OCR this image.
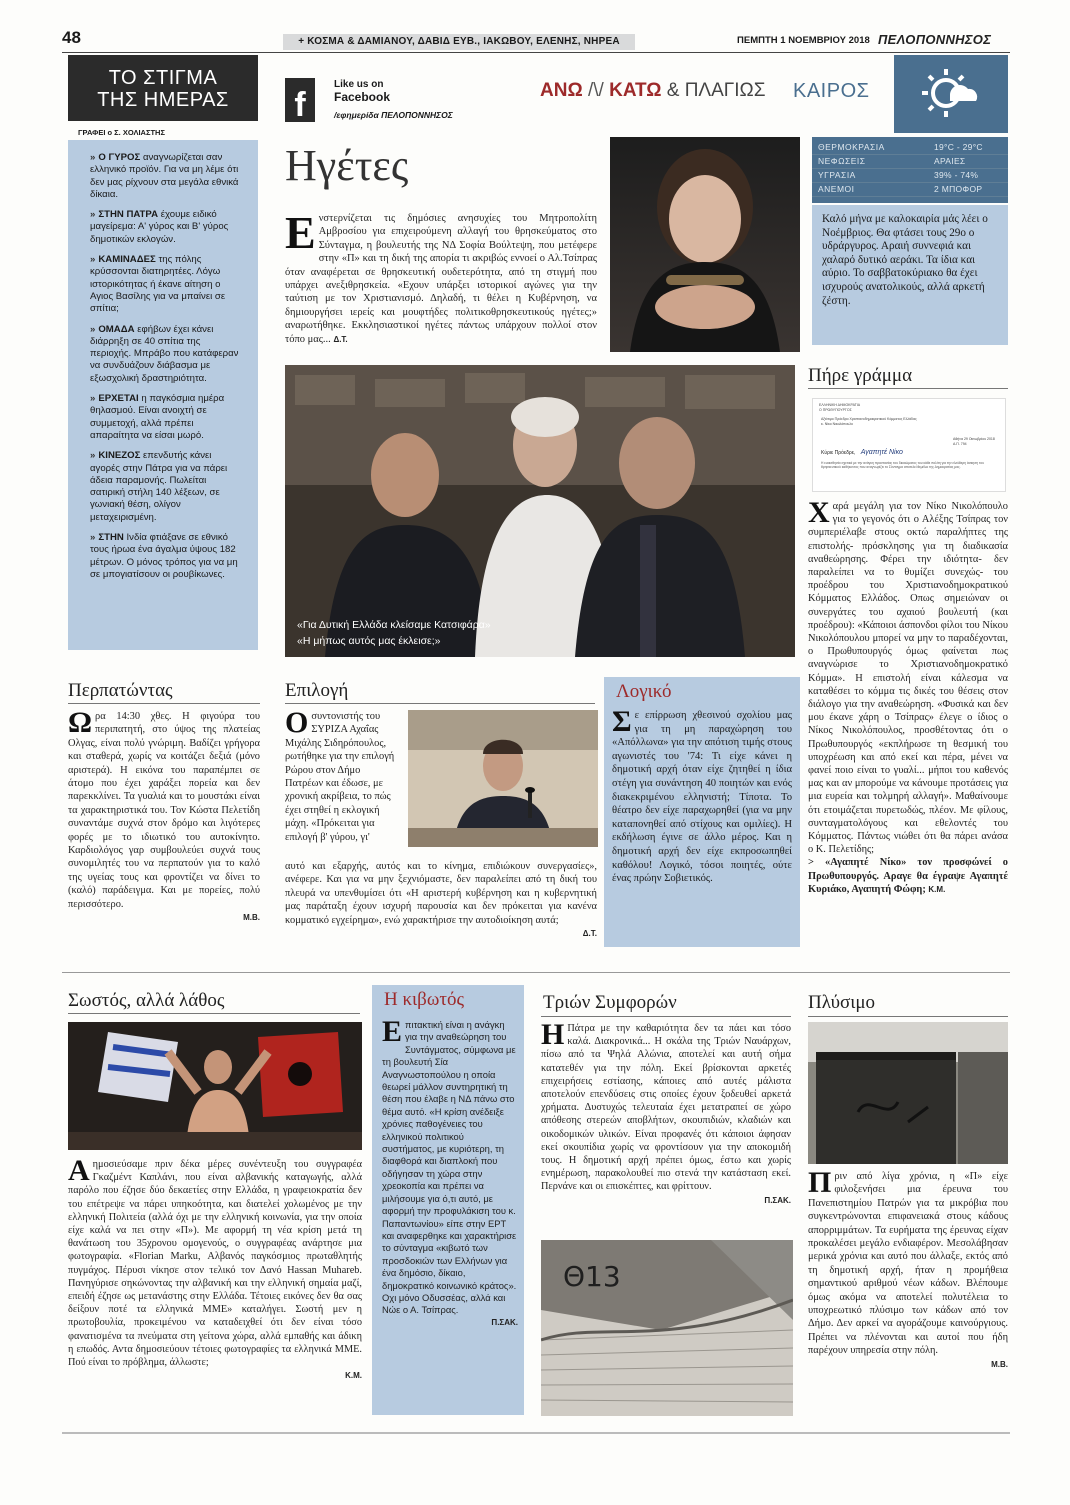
48	+ ΚΟΣΜΑ & ΔΑΜΙΑΝΟΥ, ΔΑΒΙΔ ΕΥΒ., ΙΑΚΩΒΟΥ, ΕΛΕΝΗΣ, ΝΗΡΕΑ	ΠΕΜΠΤΗ 1 ΝΟΕΜΒΡΙΟΥ 2018 ΠΕΛΟΠΟΝΝΗΣΟΣ
ΤΟ ΣΤΙΓΜΑ
ΤΗΣ ΗΜΕΡΑΣ
ΓΡΑΦΕΙ ο Σ. ΧΟΛΙΑΣΤΗΣ
» Ο ΓΥΡΟΣ αναγνωρίζεται σαν ελληνικό προϊόν. Για να μη λέμε ότι δεν μας ρίχνουν στα μεγάλα εθνικά δίκαια.
» ΣΤΗΝ ΠΑΤΡΑ έχουμε ειδικό μαγείρεμα: Α' γύρος και Β' γύρος δημοτικών εκλογών.
» ΚΑΜΙΝΑΔΕΣ της πόλης κρύσσονται διατηρητέες. Λόγω ιστορικότητας ή έκανε αίτηση ο Αγιος Βασίλης για να μπαίνει σε σπίτια;
» ΟΜΑΔΑ εφήβων έχει κάνει διάρρηξη σε 40 σπίτια της περιοχής. Μπράβο που κατάφεραν να συνδυάζουν διάβασμα με εξωσχολική δραστηριότητα.
» ΕΡΧΕΤΑΙ η παγκόσμια ημέρα θηλασμού. Είναι ανοιχτή σε συμμετοχή, αλλά πρέπει απαραίτητα να είσαι μωρό.
» ΚΙΝΕΖΟΣ επενδυτής κάνει αγορές στην Πάτρα για να πάρει άδεια παραμονής. Πωλείται σατιρική στήλη 140 λέξεων, σε γωνιακή θέση, ολίγον μεταχειρισμένη.
» ΣΤΗΝ Ινδία φτιάξανε σε εθνικό τους ήρωα ένα άγαλμα ύψους 182 μέτρων. Ο μόνος τρόπος για να μη σε μπογιατίσουν οι ρουβίκωνες.
f
Like us on
Facebook
/εφημερίδα ΠΕΛΟΠΟΝΝΗΣΟΣ
ΑΝΩ /\/ ΚΑΤΩ & ΠΛΑΓΙΩΣ ΚΑΙΡΟΣ
ΘΕΡΜΟΚΡΑΣΙΑ	19°C - 29°C
ΝΕΦΩΣΕΙΣ	ΑΡΑΙΕΣ
ΥΓΡΑΣΙΑ	39% - 74%
ΑΝΕΜΟΙ	2 ΜΠΟΦΟΡ
Καλό μήνα με καλοκαιρία μάς λέει ο Νοέμβριος. Θα φτάσει τους 29ο ο υδράργυρος. Αραιή συννεφιά και χαλαρό δυτικό αεράκι. Τα ίδια και αύριο. Το σαββατοκύριακο θα έχει ισχυρούς ανατολικούς, αλλά αρκετή ζέστη.
Ηγέτες
Ε νστερνίζεται τις δημόσιες ανησυχίες του Μητροπολίτη Αμβροσίου για επιχειρούμενη αλλαγή του θρησκεύματος στο Σύνταγμα, η βουλευτής της ΝΔ Σοφία Βούλτεψη, που μετέφερε στην «Π» και τη δική της απορία τι ακριβώς εννοεί ο Αλ.Τσίπρας όταν αναφέρεται σε θρησκευτική ουδετερότητα, από τη στιγμή που υπάρχει ανεξιθρησκεία. «Εχουν υπάρξει ιστορικοί αγώνες για την ταύτιση με τον Χριστιανισμό. Δηλαδή, τι θέλει η Κυβέρνηση, να δημιουργήσει ιερείς και μουφτήδες πολιτικοθρησκευτικούς ηγέτες;» αναρωτήθηκε. Εκκλησιαστικοί ηγέτες πάντως υπάρχουν πολλοί στον τόπο μας... Δ.Τ.
«Για Δυτική Ελλάδα κλείσαμε Κατσιφάρα»
«Η μήπως αυτός μας έκλεισε;»
Πήρε γράμμα
ΕΛΛΗΝΙΚΗ ΔΗΜΟΚΡΑΤΙΑ
Ο ΠΡΩΘΥΠΟΥΡΓΟΣ
Αξιότιμο Πρόεδρο Χριστιανοδημοκρατικού Κόμματος Ελλάδας
κ. Νίκο Νικολόπουλο
Αθήνα 29 Οκτωβρίου 2018
Α.Π. 794
Κύριε Πρόεδρε, Αγαπητέ Νίκο
Η ευαισθησία σχετικά με την ανάγκη προστασίας του δικαιώματος του κάθε πολίτη για την ελεύθερη άσκηση του θρησκευτικού καθήκοντος που αναγνωρίζει το Σύνταγμα αποτελεί θεμέλιο της Δημοκρατίας μας.
Χ αρά μεγάλη για τον Νίκο Νικολόπουλο για το γεγονός ότι ο Αλέξης Τσίπρας τον συμπεριέλαβε στους οκτώ παραλήπτες της επιστολής- πρόσκλησης για τη διαδικασία αναθεώρησης. Φέρει την ιδιότητα- δεν παραλείπει να το θυμίζει συνεχώς- του προέδρου του Χριστιανοδημοκρατικού Κόμματος Ελλάδος. Οπως σημειώναν οι συνεργάτες του αχαιού βουλευτή (και προέδρου): «Κάποιοι άσπονδοι φίλοι του Νίκου Νικολόπουλου μπορεί να μην το παραδέχονται, ο Πρωθυπουργός όμως φαίνεται πως αναγνώρισε το Χριστιανοδημοκρατικό Κόμμα». Η επιστολή είναι κάλεσμα να καταθέσει το κόμμα τις δικές του θέσεις στον διάλογο για την αναθεώρηση. «Φυσικά και δεν μου έκανε χάρη ο Τσίπρας» έλεγε ο ίδιος ο Νίκος Νικολόπουλος, προσθέτοντας ότι ο Πρωθυπουργός «εκπλήρωσε τη θεσμική του υποχρέωση και από εκεί και πέρα, μένει να φανεί ποιο είναι το γυαλί... μήποι του καθενός μας και αν μπορούμε να κάνουμε προτάσεις για μια ευρεία και τολμηρή αλλαγή». Μαθαίνουμε ότι ετοιμάζεται πυρετωδώς, πλέον. Με φίλους, συνταγματολόγους και εθελοντές του Κόμματος. Πάντως νιώθει ότι θα πάρει ανάσα ο Κ. Πελετίδης;
> «Αγαπητέ Νίκο» τον προσφώνεί ο Πρωθυπουργός. Αραγε θα έγραψε Αγαπητέ Κυριάκο, Αγαπητή Φώφη; Κ.Μ.
Περπατώντας
Ω ρα 14:30 χθες. Η φιγούρα του περιπατητή, στο ύψος της πλατείας Ολγας, είναι πολύ γνώριμη. Βαδίζει γρήγορα και σταθερά, χωρίς να κοιτάζει δεξιά (μόνο αριστερά). Η εικόνα του παραπέμπει σε άτομο που έχει χαράξει πορεία και δεν παρεκκλίνει. Τα γυαλιά και το μουστάκι είναι τα χαρακτηριστικά του. Τον Κώστα Πελετίδη συναντάμε συχνά στον δρόμο και λιγότερες φορές με το ιδιωτικό του αυτοκίνητο. Καρδιολόγος γαρ συμβουλεύει συχνά τους συνομιλητές του να περπατούν για το καλό της υγείας τους και φροντίζει να δίνει το (καλό) παράδειγμα. Και με πορείες, πολύ περισσότερο.
Μ.Β.
Επιλογή
Ο συντονιστής του ΣΥΡΙΖΑ Αχαΐας Μιχάλης Σιδηρόπουλος, ρωτήθηκε για την επιλογή Ρώρου στον Δήμο Πατρέων και έδωσε, με χρονική ακρίβεια, το πώς έχει στηθεί η εκλογική μάχη. «Πρόκειται για επιλογή β' γύρου, γι'
αυτό και εξαρχής, αυτός και το κίνημα, επιδιώκουν συνεργασίες», ανέφερε. Και για να μην ξεχνιόμαστε, δεν παραλείπει από τη δική του πλευρά να υπενθυμίσει ότι «Η αριστερή κυβέρνηση και η κυβερνητική μας παράταξη έχουν ισχυρή παρουσία και δεν πρόκειται για κανένα κομματικό εγχείρημα», ενώ χαρακτήρισε την αυτοδιοίκηση αυτά;
Δ.Τ.
Λογικό
Σ ε επίρρωση χθεσινού σχολίου μας για τη μη παραχώρηση του «Απόλλωνα» για την απότιση τιμής στους αγωνιστές του '74: Τι είχε κάνει η δημοτική αρχή όταν είχε ζητηθεί η ίδια στέγη για συνάντηση 40 ποιητών και ενός διακεκριμένου ελληνιστή; Τίποτα. Το θέατρο δεν είχε παραχωρηθεί (για να μην καταπονηθεί από στίχους και ομιλίες). Η εκδήλωση έγινε σε άλλο μέρος. Και η δημοτική αρχή δεν είχε εκπροσωπηθεί καθόλου! Λογικό, τόσοι ποιητές, ούτε ένας πρώην Σοβιετικός.
Σωστός, αλλά λάθος
Α ημοσιεύσαμε πριν δέκα μέρες συνέντευξη του συγγραφέα Γκαζμέντ Καπλάνι, που είναι αλβανικής καταγωγής, αλλά παρόλο που έζησε δύο δεκαετίες στην Ελλάδα, η γραφειοκρατία δεν του επέτρεψε να πάρει υπηκοότητα, και διατελεί χολωμένος με την ελληνική Πολιτεία (αλλά όχι με την ελληνική κοινωνία, για την οποία είχε καλά να πει στην «Π»). Με αφορμή τη νέα κρίση μετά τη θανάτωση του 35χρονου ομογενούς, ο συγγραφέας ανάρτησε μια φωτογραφία. «Florian Marku, Αλβανός παγκόσμιος πρωταθλητής πυγμάχος. Πέρυσι νίκησε στον τελικό τον Δανό Hassan Muhareb. Πανηγύρισε σηκώνοντας την αλβανική και την ελληνική σημαία μαζί, επειδή έζησε ως μετανάστης στην Ελλάδα. Τέτοιες εικόνες δεν θα σας δείξουν ποτέ τα ελληνικά ΜΜΕ» καταλήγει. Σωστή μεν η πρωτοβουλία, προκειμένου να καταδειχθεί ότι δεν είναι τόσο φανατισμένα τα πνεύματα στη γείτονα χώρα, αλλά εμπαθής και άδικη η επωδός. Αντα δημοσιεύουν τέτοιες φωτογραφίες τα ελληνικά ΜΜΕ. Πού είναι το πρόβλημα, άλλωστε;
Κ.Μ.
Η κιβωτός
Ε πιτακτική είναι η ανάγκη για την αναθεώρηση του Συντάγματος, σύμφωνα με τη βουλευτή Σία Αναγνωστοπούλου η οποία θεωρεί μάλλον συντηρητική τη θέση που έλαβε η ΝΔ πάνω στο θέμα αυτό. «Η κρίση ανέδειξε χρόνιες παθογένειες του ελληνικού πολιτικού συστήματος, με κυριότερη, τη διαφθορά και διαπλοκή που οδήγησαν τη χώρα στην χρεοκοπία και πρέπει να μιλήσουμε για ό,τι αυτό, με αφορμή την προφυλάκιση του κ. Παπαντωνίου» είπε στην ΕΡΤ και αναφερθηκε και χαρακτήρισε το σύνταγμα «κιβωτό των προσδοκιών των Ελλήνων για ένα δημόσιο, δίκαιο, δημοκρατικό κοινωνικό κράτος». Οχι μόνο Οδυσσέας, αλλά και Νώε ο Α. Τσίπρας.
Π.ΣΑΚ.
Τριών Συμφορών
Η Πάτρα με την καθαριότητα δεν τα πάει και τόσο καλά. Διακρονικά... Η σκάλα της Τριών Ναυάρχων, πίσω από τα Ψηλά Αλώνια, αποτελεί και αυτή σήμα κατατεθέν για την πόλη. Εκεί βρίσκονται αρκετές επιχειρήσεις εστίασης, κάποιες από αυτές μάλιστα αποτελούν επενδύσεις στις οποίες έχουν ξοδευθεί αρκετά χρήματα. Δυστυχώς τελευταία έχει μετατραπεί σε χώρο απόθεσης στερεών αποβλήτων, σκουπιδιών, κλαδιών και οικοδομικών υλικών. Είναι προφανές ότι κάποιοι άφησαν εκεί σκουπίδια χωρίς να φροντίσουν για την αποκομιδή τους. Η δημοτική αρχή πρέπει όμως, έστω και χωρίς ενημέρωση, παρακολουθεί πιο στενά την κατάσταση εκεί. Περνάνε και οι επισκέπτες, και φρίττουν.
Π.ΣΑΚ.
Θ13
Πλύσιμο
Π ριν από λίγα χρόνια, η «Π» είχε φιλοξενήσει μια έρευνα του Πανεπιστημίου Πατρών για τα μικρόβια που συγκεντρώνονται επιφανειακά στους κάδους απορριμμάτων. Τα ευρήματα της έρευνας είχαν προκαλέσει μεγάλο ενδιαφέρον. Μεσολάβησαν μερικά χρόνια και αυτό που άλλαξε, εκτός από τη δημοτική αρχή, ήταν η προμήθεια σημαντικού αριθμού νέων κάδων. Βλέπουμε όμως ακόμα να αποτελεί πολυτέλεια το υποχρεωτικό πλύσιμο των κάδων από τον Δήμο. Δεν αρκεί να αγοράζουμε καινούργιους. Πρέπει να πλένονται και αυτοί που ήδη παρέχουν υπηρεσία στην πόλη.
Μ.Β.
